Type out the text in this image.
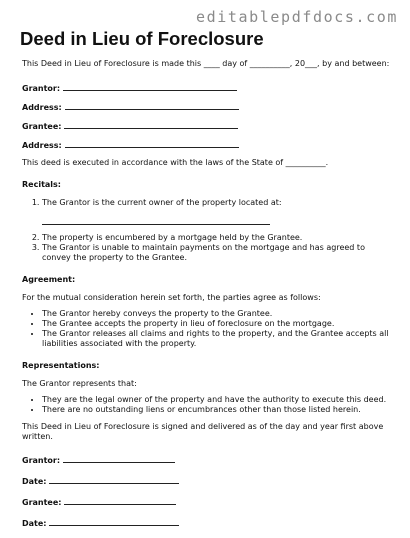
editablepdfdocs.com
Deed in Lieu of Foreclosure

This Deed in Lieu of Foreclosure is made this ____ day of __________, 20___, by and between:

Grantor:
Address:
Grantee:
Address:

This deed is executed in accordance with the laws of the State of __________.

Recitals:
1. The Grantor is the current owner of the property located at:
2. The property is encumbered by a mortgage held by the Grantee.
3. The Grantor is unable to maintain payments on the mortgage and has agreed to convey the property to the Grantee.
Agreement:

For the mutual consideration herein set forth, the parties agree as follows:

• The Grantor hereby conveys the property to the Grantee.
• The Grantee accepts the property in lieu of foreclosure on the mortgage.
• The Grantor releases all claims and rights to the property, and the Grantee accepts all liabilities associated with the property.
Representations:

The Grantor represents that:

• They are the legal owner of the property and have the authority to execute this deed.
• There are no outstanding liens or encumbrances other than those listed herein.

This Deed in Lieu of Foreclosure is signed and delivered as of the day and year first above written.

Grantor:
Date:
Grantee:
Date:
